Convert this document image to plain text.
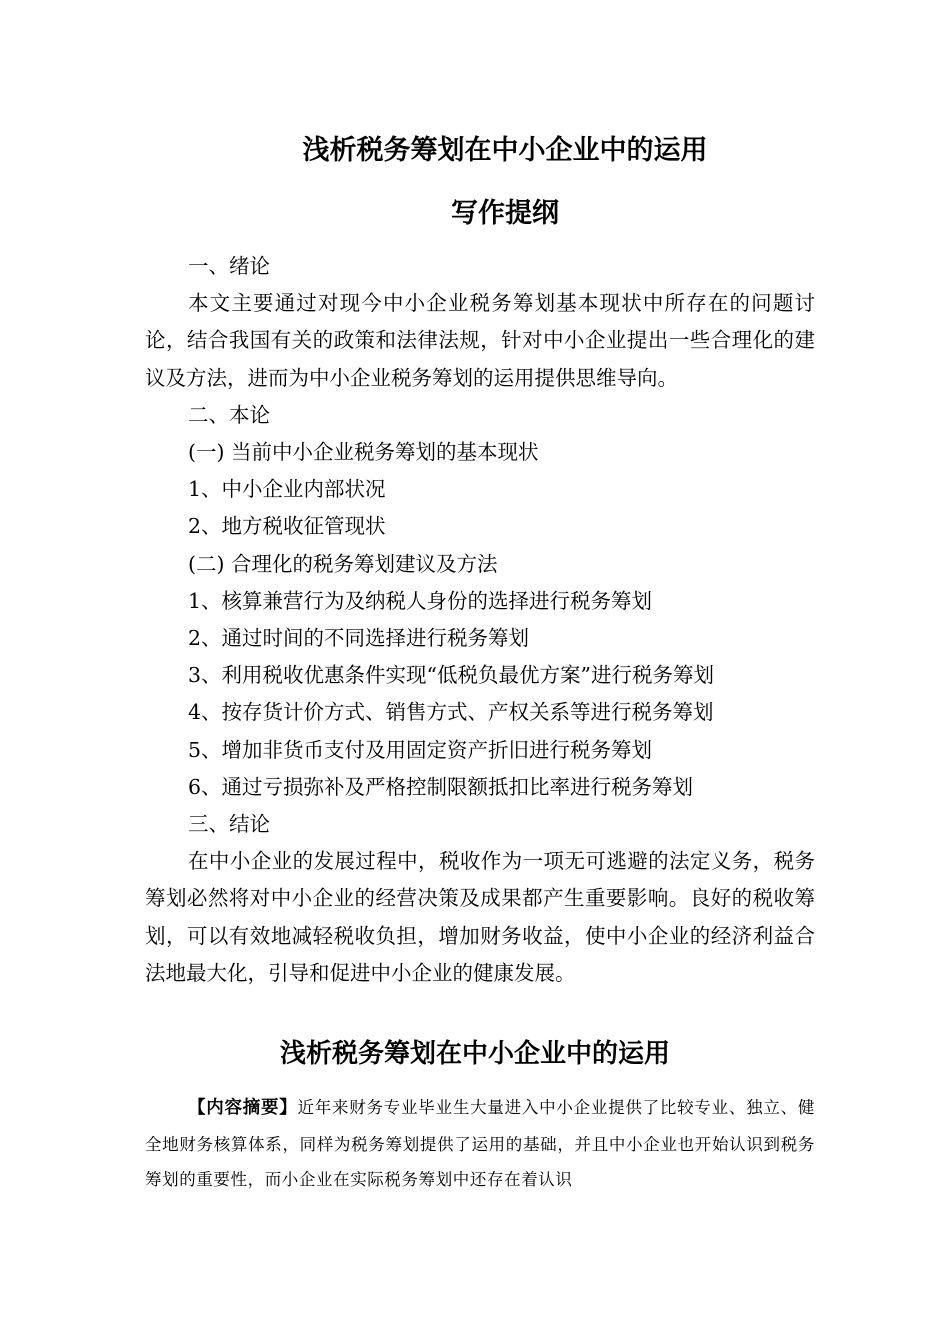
浅析税务筹划在中小企业中的运用
写作提纲

一、绪论

本文主要通过对现今中小企业税务筹划基本现状中所存在的问题讨论，结合我国有关的政策和法律法规，针对中小企业提出一些合理化的建议及方法，进而为中小企业税务筹划的运用提供思维导向。

二、本论

(一) 当前中小企业税务筹划的基本现状

1、中小企业内部状况

2、地方税收征管现状

(二) 合理化的税务筹划建议及方法

1、核算兼营行为及纳税人身份的选择进行税务筹划

2、通过时间的不同选择进行税务筹划

3、利用税收优惠条件实现“低税负最优方案”进行税务筹划

4、按存货计价方式、销售方式、产权关系等进行税务筹划

5、增加非货币支付及用固定资产折旧进行税务筹划

6、通过亏损弥补及严格控制限额抵扣比率进行税务筹划

三、结论

在中小企业的发展过程中，税收作为一项无可逃避的法定义务，税务筹划必然将对中小企业的经营决策及成果都产生重要影响。良好的税收筹划，可以有效地减轻税收负担，增加财务收益，使中小企业的经济利益合法地最大化，引导和促进中小企业的健康发展。

浅析税务筹划在中小企业中的运用

【内容摘要】近年来财务专业毕业生大量进入中小企业提供了比较专业、独立、健全地财务核算体系，同样为税务筹划提供了运用的基础，并且中小企业也开始认识到税务筹划的重要性，而小企业在实际税务筹划中还存在着认识
